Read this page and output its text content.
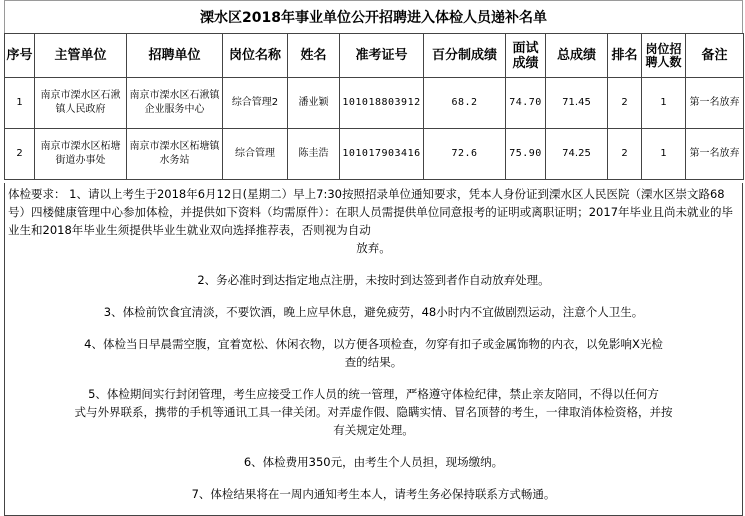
溧水区2018年事业单位公开招聘进入体检人员递补名单
序号	主管单位	招聘单位	岗位名称	姓名	准考证号	百分制成绩	面试成绩	总成绩	排名	岗位招聘人数	备注
1	南京市溧水区石湫镇人民政府	南京市溧水区石湫镇企业服务中心	综合管理2	潘业颖	101018803912	68.2	74.70	71.45	2	1	第一名放弃
2	南京市溧水区柘塘街道办事处	南京市溧水区柘塘镇水务站	综合管理	陈圭浩	101017903416	72.6	75.90	74.25	2	1	第一名放弃

体检要求： 1、请以上考生于2018年6月12日(星期二）早上7:30按照招录单位通知要求，凭本人身份证到溧水区人民医院（溧水区崇文路68号）四楼健康管理中心参加体检，并提供如下资料（均需原件）：在职人员需提供单位同意报考的证明或离职证明；2017年毕业且尚未就业的毕业生和2018年毕业生须提供毕业生就业双向选择推荐表，否则视为自动
放弃。

2、务必准时到达指定地点注册，未按时到达签到者作自动放弃处理。

3、体检前饮食宜清淡，不要饮酒，晚上应早休息，避免疲劳，48小时内不宜做剧烈运动，注意个人卫生。

4、体检当日早晨需空腹，宜着宽松、休闲衣物，以方便各项检查，勿穿有扣子或金属饰物的内衣，以免影响X光检

查的结果。

5、体检期间实行封闭管理，考生应接受工作人员的统一管理，严格遵守体检纪律，禁止亲友陪同，不得以任何方

式与外界联系，携带的手机等通讯工具一律关闭。对弄虚作假、隐瞒实情、冒名顶替的考生，一律取消体检资格，并按

有关规定处理。

6、体检费用350元，由考生个人员担，现场缴纳。

7、体检结果将在一周内通知考生本人，请考生务必保持联系方式畅通。
